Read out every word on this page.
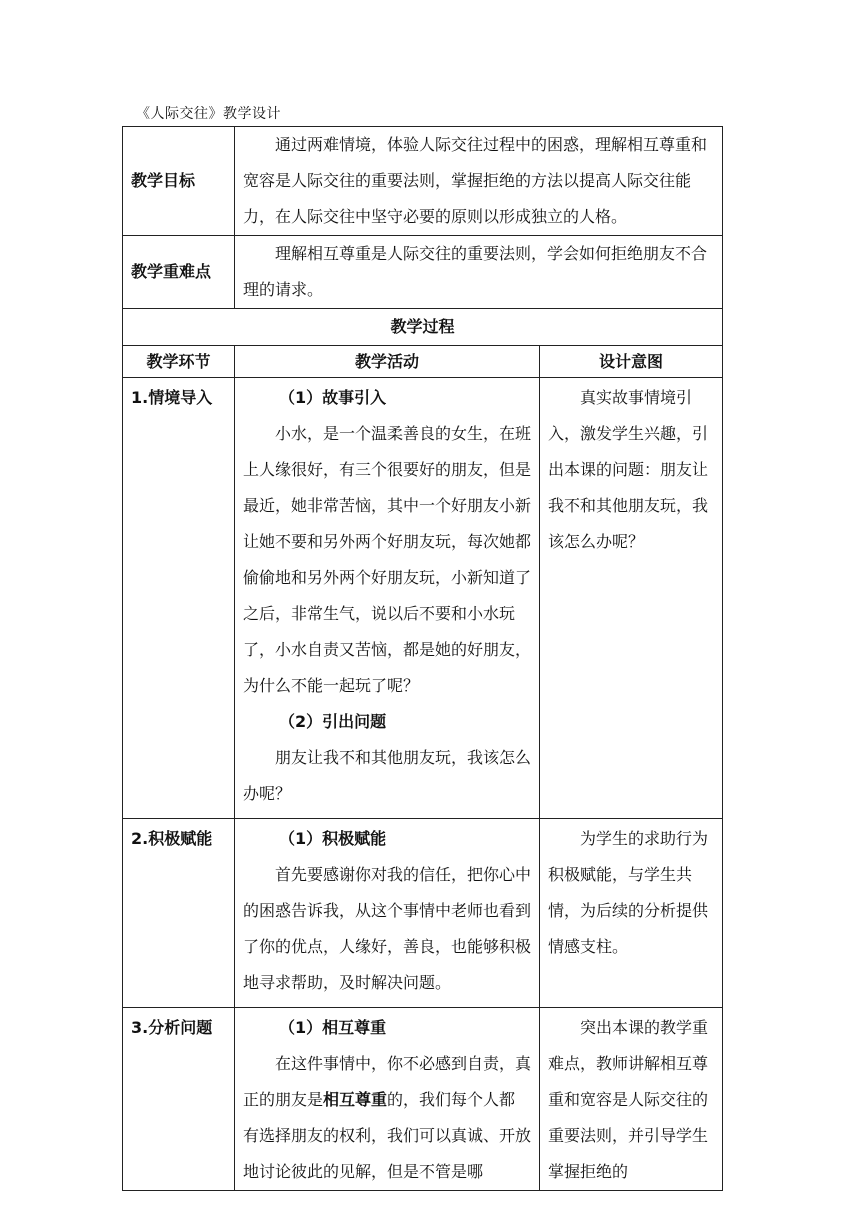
《人际交往》教学设计
教学目标	通过两难情境，体验人际交往过程中的困惑，理解相互尊重和宽容是人际交往的重要法则，掌握拒绝的方法以提高人际交往能力，在人际交往中坚守必要的原则以形成独立的人格。	

教学重难点	理解相互尊重是人际交往的重要法则，学会如何拒绝朋友不合理的请求。	

教学过程		
教学环节	教学活动	设计意图
1.情境导入	（1）故事引入

小水，是一个温柔善良的女生，在班上人缘很好，有三个很要好的朋友，但是最近，她非常苦恼，其中一个好朋友小新让她不要和另外两个好朋友玩，每次她都偷偷地和另外两个好朋友玩，小新知道了之后，非常生气，说以后不要和小水玩了，小水自责又苦恼，都是她的好朋友，为什么不能一起玩了呢？

（2）引出问题

朋友让我不和其他朋友玩，我该怎么办呢？	真实故事情境引入，激发学生兴趣，引出本课的问题：朋友让我不和其他朋友玩，我该怎么办呢？

2.积极赋能	（1）积极赋能

首先要感谢你对我的信任，把你心中的困惑告诉我，从这个事情中老师也看到了你的优点，人缘好，善良，也能够积极地寻求帮助，及时解决问题。	为学生的求助行为积极赋能，与学生共情，为后续的分析提供情感支柱。

3.分析问题	（1）相互尊重

在这件事情中，你不必感到自责，真正的朋友是相互尊重的，我们每个人都有选择朋友的权利，我们可以真诚、开放地讨论彼此的见解，但是不管是哪	突出本课的教学重难点，教师讲解相互尊重和宽容是人际交往的重要法则，并引导学生掌握拒绝的
